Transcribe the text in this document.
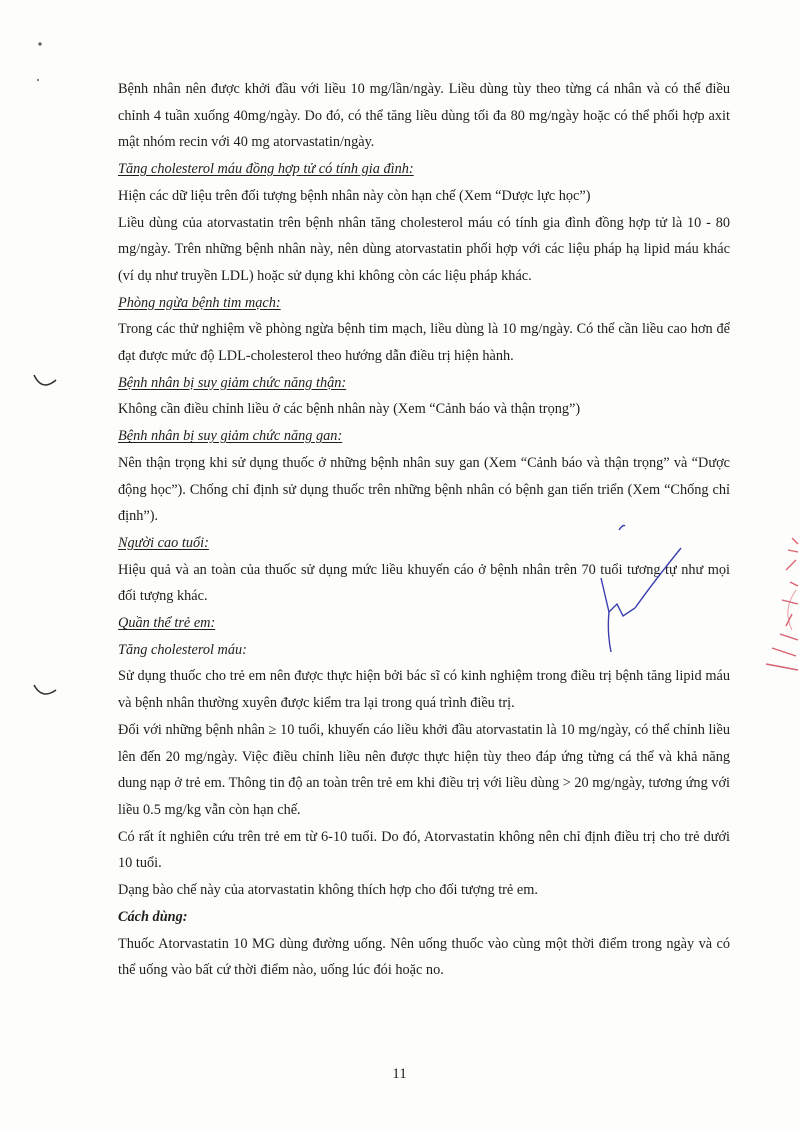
Bệnh nhân nên được khởi đầu với liều 10 mg/lần/ngày. Liều dùng tùy theo từng cá nhân và có thể điều chỉnh 4 tuần xuống 40mg/ngày. Do đó, có thể tăng liều dùng tối đa 80 mg/ngày hoặc có thể phối hợp axit mật nhóm recin với 40 mg atorvastatin/ngày.

Tăng cholesterol máu đồng hợp tử có tính gia đình:

Hiện các dữ liệu trên đối tượng bệnh nhân này còn hạn chế (Xem “Dược lực học”)

Liều dùng của atorvastatin trên bệnh nhân tăng cholesterol máu có tính gia đình đồng hợp tử là 10 - 80 mg/ngày. Trên những bệnh nhân này, nên dùng atorvastatin phối hợp với các liệu pháp hạ lipid máu khác (ví dụ như truyền LDL) hoặc sử dụng khi không còn các liệu pháp khác.

Phòng ngừa bệnh tim mạch:

Trong các thử nghiệm về phòng ngừa bệnh tim mạch, liều dùng là 10 mg/ngày. Có thể cần liều cao hơn để đạt được mức độ LDL-cholesterol theo hướng dẫn điều trị hiện hành.

Bệnh nhân bị suy giảm chức năng thận:

Không cần điều chỉnh liều ở các bệnh nhân này (Xem “Cảnh báo và thận trọng”)

Bệnh nhân bị suy giảm chức năng gan:

Nên thận trọng khi sử dụng thuốc ở những bệnh nhân suy gan (Xem “Cảnh báo và thận trọng” và “Dược động học”). Chống chỉ định sử dụng thuốc trên những bệnh nhân có bệnh gan tiến triển (Xem “Chống chỉ định”).

Người cao tuổi:

Hiệu quả và an toàn của thuốc sử dụng mức liều khuyến cáo ở bệnh nhân trên 70 tuổi tương tự như mọi đối tượng khác.

Quần thể trẻ em:

Tăng cholesterol máu:

Sử dụng thuốc cho trẻ em nên được thực hiện bởi bác sĩ có kinh nghiệm trong điều trị bệnh tăng lipid máu và bệnh nhân thường xuyên được kiểm tra lại trong quá trình điều trị.

Đối với những bệnh nhân ≥ 10 tuổi, khuyến cáo liều khởi đầu atorvastatin là 10 mg/ngày, có thể chỉnh liều lên đến 20 mg/ngày. Việc điều chỉnh liều nên được thực hiện tùy theo đáp ứng từng cá thể và khả năng dung nạp ở trẻ em. Thông tin độ an toàn trên trẻ em khi điều trị với liều dùng > 20 mg/ngày, tương ứng với liều 0.5 mg/kg vẫn còn hạn chế.

Có rất ít nghiên cứu trên trẻ em từ 6-10 tuổi. Do đó, Atorvastatin không nên chỉ định điều trị cho trẻ dưới 10 tuổi.

Dạng bào chế này của atorvastatin không thích hợp cho đối tượng trẻ em.

Cách dùng:

Thuốc Atorvastatin 10 MG dùng đường uống. Nên uống thuốc vào cùng một thời điểm trong ngày và có thể uống vào bất cứ thời điểm nào, uống lúc đói hoặc no.

11
